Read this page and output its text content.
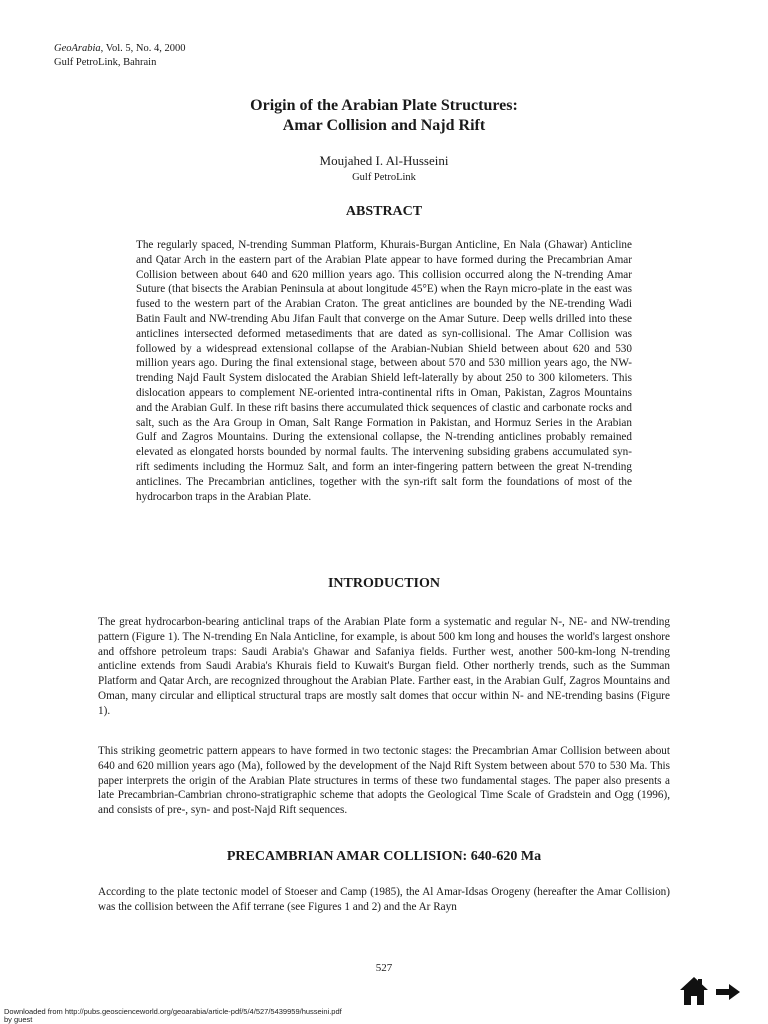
GeoArabia, Vol. 5, No. 4, 2000
Gulf PetroLink, Bahrain
Origin of the Arabian Plate Structures:
Amar Collision and Najd Rift
Moujahed I. Al-Husseini
Gulf PetroLink
ABSTRACT

The regularly spaced, N-trending Summan Platform, Khurais-Burgan Anticline, En Nala (Ghawar) Anticline and Qatar Arch in the eastern part of the Arabian Plate appear to have formed during the Precambrian Amar Collision between about 640 and 620 million years ago. This collision occurred along the N-trending Amar Suture (that bisects the Arabian Peninsula at about longitude 45°E) when the Rayn micro-plate in the east was fused to the western part of the Arabian Craton. The great anticlines are bounded by the NE-trending Wadi Batin Fault and NW-trending Abu Jifan Fault that converge on the Amar Suture. Deep wells drilled into these anticlines intersected deformed metasediments that are dated as syn-collisional. The Amar Collision was followed by a widespread extensional collapse of the Arabian-Nubian Shield between about 620 and 530 million years ago. During the final extensional stage, between about 570 and 530 million years ago, the NW-trending Najd Fault System dislocated the Arabian Shield left-laterally by about 250 to 300 kilometers. This dislocation appears to complement NE-oriented intra-continental rifts in Oman, Pakistan, Zagros Mountains and the Arabian Gulf. In these rift basins there accumulated thick sequences of clastic and carbonate rocks and salt, such as the Ara Group in Oman, Salt Range Formation in Pakistan, and Hormuz Series in the Arabian Gulf and Zagros Mountains. During the extensional collapse, the N-trending anticlines probably remained elevated as elongated horsts bounded by normal faults. The intervening subsiding grabens accumulated syn-rift sediments including the Hormuz Salt, and form an inter-fingering pattern between the great N-trending anticlines. The Precambrian anticlines, together with the syn-rift salt form the foundations of most of the hydrocarbon traps in the Arabian Plate.

INTRODUCTION

The great hydrocarbon-bearing anticlinal traps of the Arabian Plate form a systematic and regular N-, NE- and NW-trending pattern (Figure 1). The N-trending En Nala Anticline, for example, is about 500 km long and houses the world's largest onshore and offshore petroleum traps: Saudi Arabia's Ghawar and Safaniya fields. Further west, another 500-km-long N-trending anticline extends from Saudi Arabia's Khurais field to Kuwait's Burgan field. Other northerly trends, such as the Summan Platform and Qatar Arch, are recognized throughout the Arabian Plate. Farther east, in the Arabian Gulf, Zagros Mountains and Oman, many circular and elliptical structural traps are mostly salt domes that occur within N- and NE-trending basins (Figure 1).

This striking geometric pattern appears to have formed in two tectonic stages: the Precambrian Amar Collision between about 640 and 620 million years ago (Ma), followed by the development of the Najd Rift System between about 570 to 530 Ma. This paper interprets the origin of the Arabian Plate structures in terms of these two fundamental stages. The paper also presents a late Precambrian-Cambrian chrono-stratigraphic scheme that adopts the Geological Time Scale of Gradstein and Ogg (1996), and consists of pre-, syn- and post-Najd Rift sequences.

PRECAMBRIAN AMAR COLLISION: 640-620 Ma

According to the plate tectonic model of Stoeser and Camp (1985), the Al Amar-Idsas Orogeny (hereafter the Amar Collision) was the collision between the Afif terrane (see Figures 1 and 2) and the Ar Rayn

527
Downloaded from http://pubs.geoscienceworld.org/geoarabia/article-pdf/5/4/527/5439959/husseini.pdf
by guest
